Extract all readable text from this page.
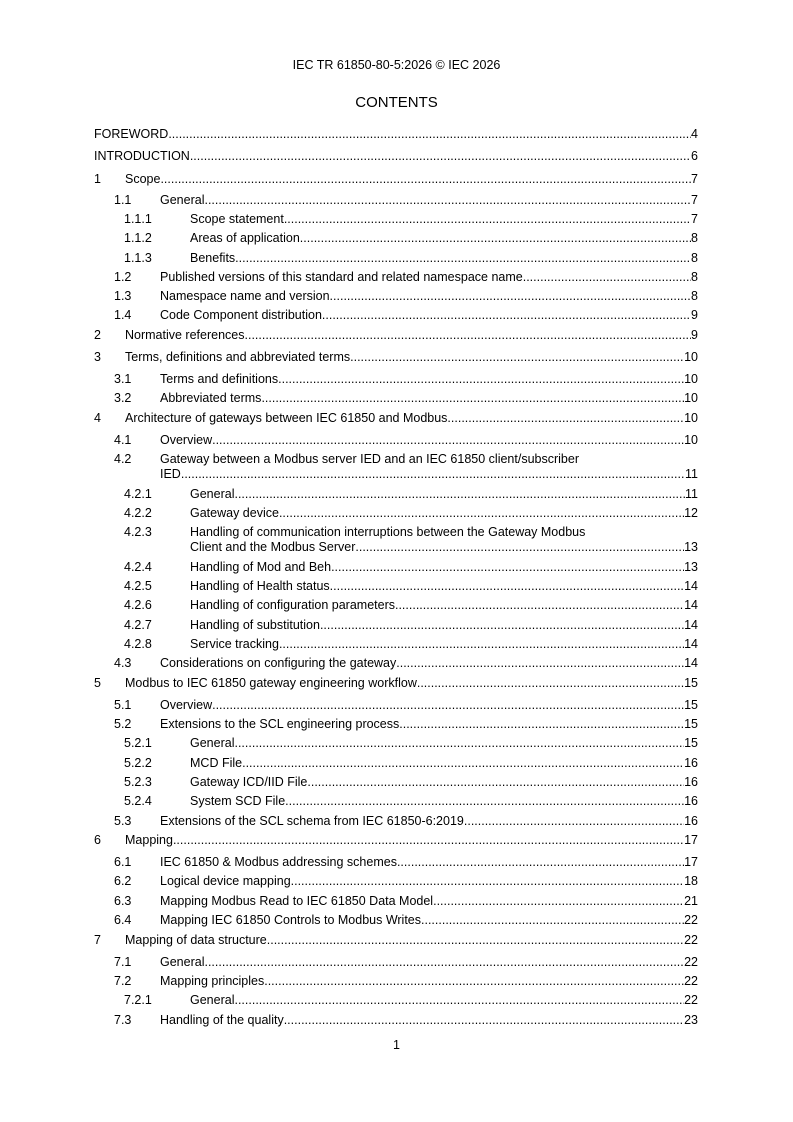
IEC TR 61850-80-5:2026 © IEC 2026
CONTENTS
FOREWORD .....	4
INTRODUCTION .....	6
1 Scope .....	7
1.1 General .....	7
1.1.1	Scope statement .....	7
1.1.2	Areas of application .....	8
1.1.3	Benefits .....	8
1.2 Published versions of this standard and related namespace name .....	8
1.3 Namespace name and version .....	8
1.4 Code Component distribution .....	9
2 Normative references .....	9
3 Terms, definitions and abbreviated terms .....	10
3.1 Terms and definitions .....	10
3.2 Abbreviated terms .....	10
4 Architecture of gateways between IEC 61850 and Modbus .....	10
4.1 Overview .....	10
4.2 Gateway between a Modbus server IED and an IEC 61850 client/subscriber
IED .....	11
4.2.1	General .....	11
4.2.2	Gateway device .....	12
4.2.3	Handling of communication interruptions between the Gateway Modbus
Client and the Modbus Server .....	13
4.2.4	Handling of Mod and Beh .....	13
4.2.5	Handling of Health status .....	14
4.2.6	Handling of configuration parameters .....	14
4.2.7	Handling of substitution .....	14
4.2.8	Service tracking .....	14
4.3 Considerations on configuring the gateway .....	14
5 Modbus to IEC 61850 gateway engineering workflow .....	15
5.1 Overview .....	15
5.2 Extensions to the SCL engineering process .....	15
5.2.1	General .....	15
5.2.2	MCD File .....	16
5.2.3	Gateway ICD/IID File .....	16
5.2.4	System SCD File .....	16
5.3 Extensions of the SCL schema from IEC 61850-6:2019 .....	16
6 Mapping .....	17
6.1 IEC 61850 & Modbus addressing schemes .....	17
6.2 Logical device mapping .....	18
6.3 Mapping Modbus Read to IEC 61850 Data Model .....	21
6.4 Mapping IEC 61850 Controls to Modbus Writes .....	22
7 Mapping of data structure .....	22
7.1 General .....	22
7.2 Mapping principles .....	22
7.2.1	General .....	22
7.3 Handling of the quality .....	23
1
